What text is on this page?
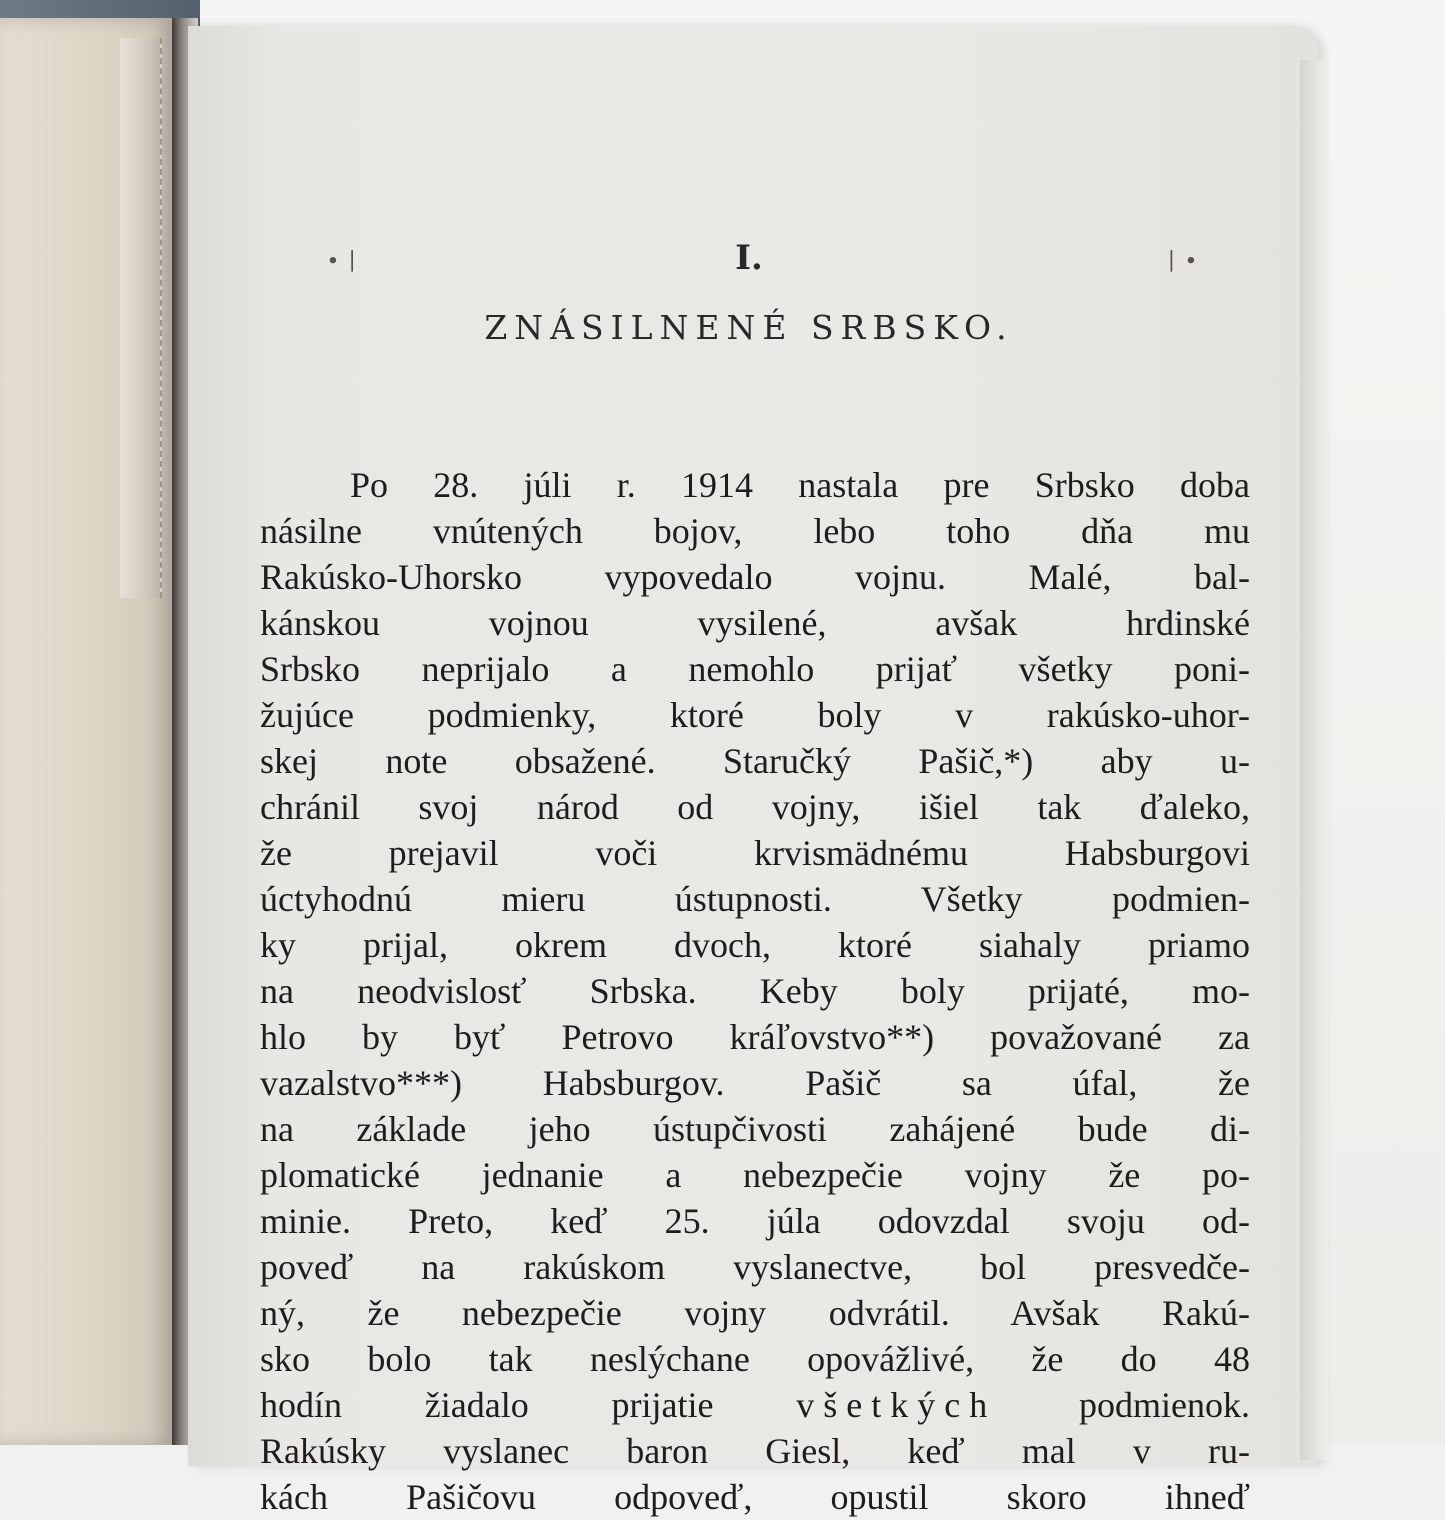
I.
ZNÁSILNENÉ SRBSKO.
∙ ∣	∣ ∙
Po 28. júli r. 1914 nastala pre Srbsko doba
násilne vnútených bojov, lebo toho dňa mu
Rakúsko-Uhorsko vypovedalo vojnu. Malé, bal-
kánskou vojnou vysilené, avšak hrdinské
Srbsko neprijalo a nemohlo prijať všetky poni-
žujúce podmienky, ktoré boly v rakúsko-uhor-
skej note obsažené. Staručký Pašič,*) aby u-
chránil svoj národ od vojny, išiel tak ďaleko,
že prejavil voči krvismädnému Habsburgovi
úctyhodnú mieru ústupnosti. Všetky podmien-
ky prijal, okrem dvoch, ktoré siahaly priamo
na neodvislosť Srbska. Keby boly prijaté, mo-
hlo by byť Petrovo kráľovstvo**) považované za
vazalstvo***) Habsburgov. Pašič sa úfal, že
na základe jeho ústupčivosti zahájené bude di-
plomatické jednanie a nebezpečie vojny že po-
minie. Preto, keď 25. júla odovzdal svoju od-
poveď na rakúskom vyslanectve, bol presvedče-
ný, že nebezpečie vojny odvrátil. Avšak Rakú-
sko bolo tak neslýchane opovážlivé, že do 48
hodín žiadalo prijatie všetkých podmienok.
Rakúsky vyslanec baron Giesl, keď mal v ru-
kách Pašičovu odpoveď, opustil skoro ihneď
